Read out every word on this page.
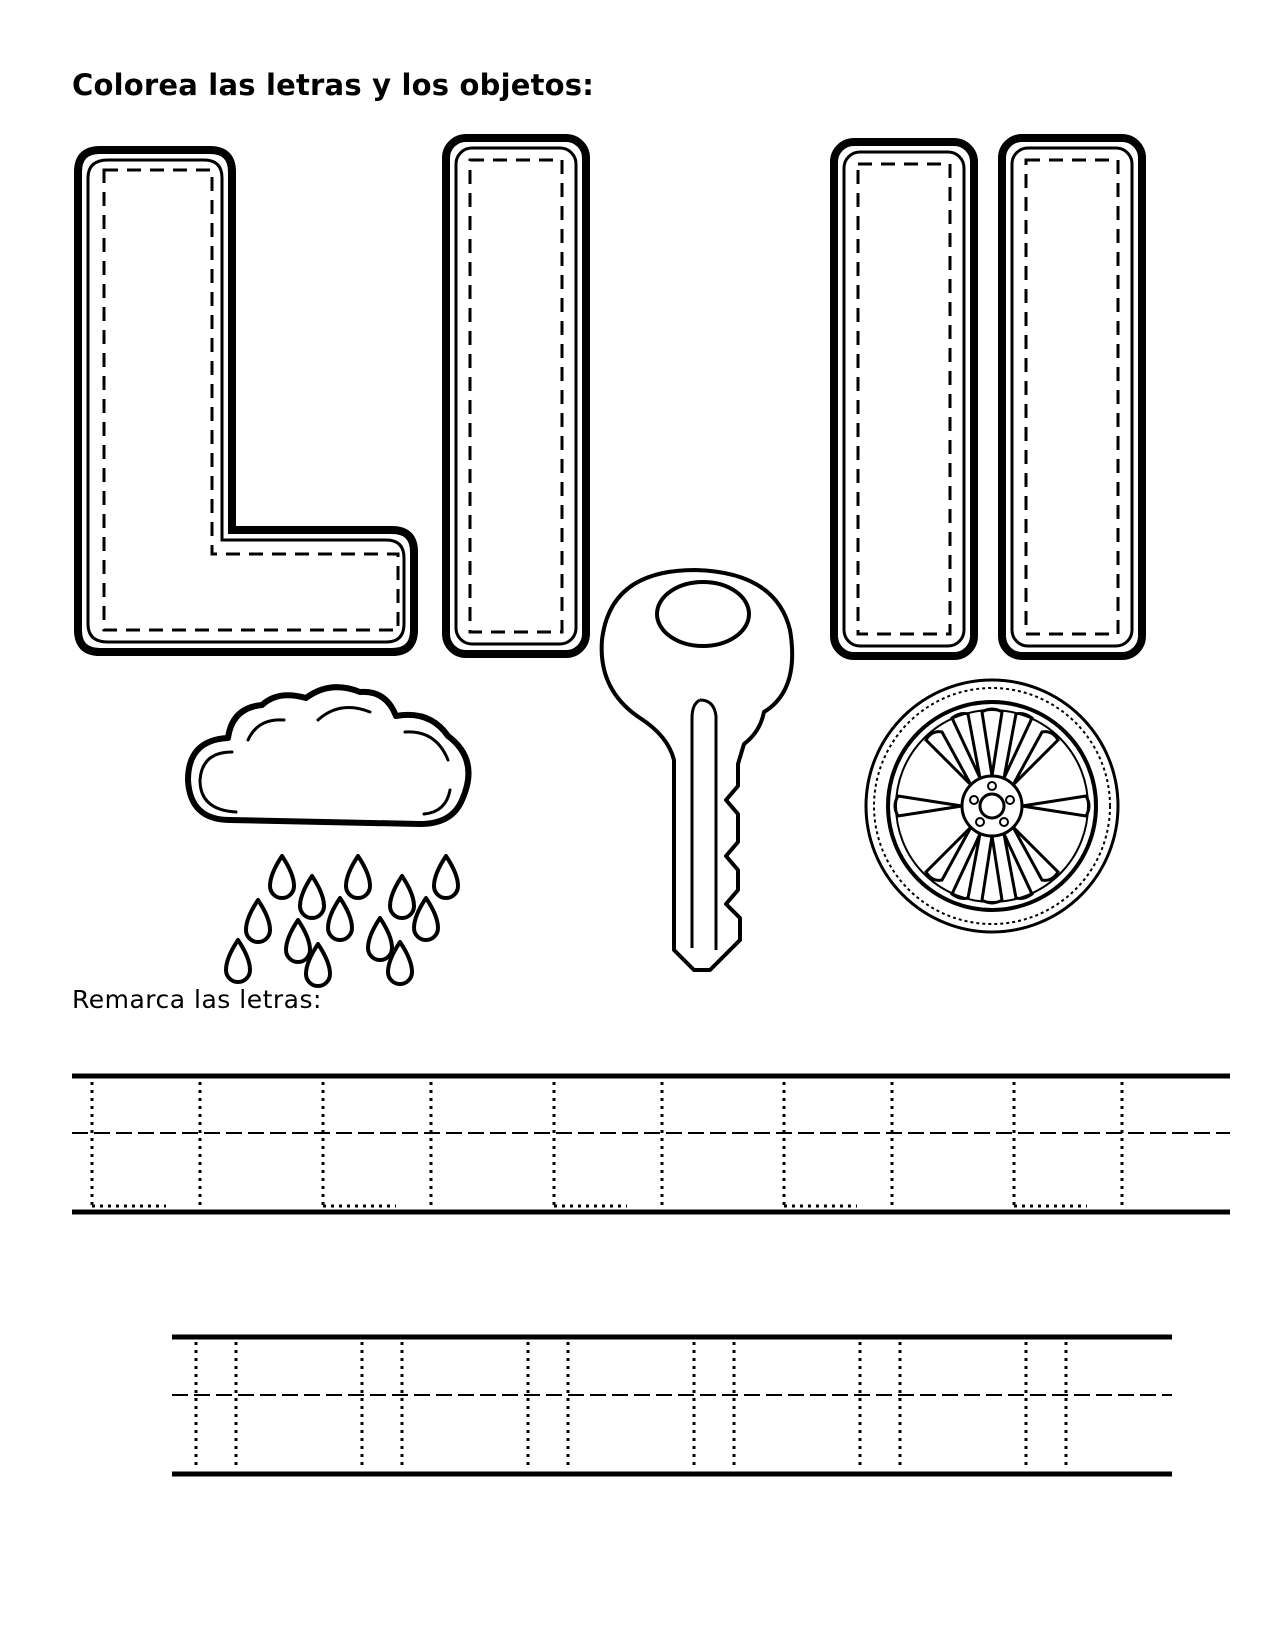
Colorea las letras y los objetos:
Remarca las letras:
